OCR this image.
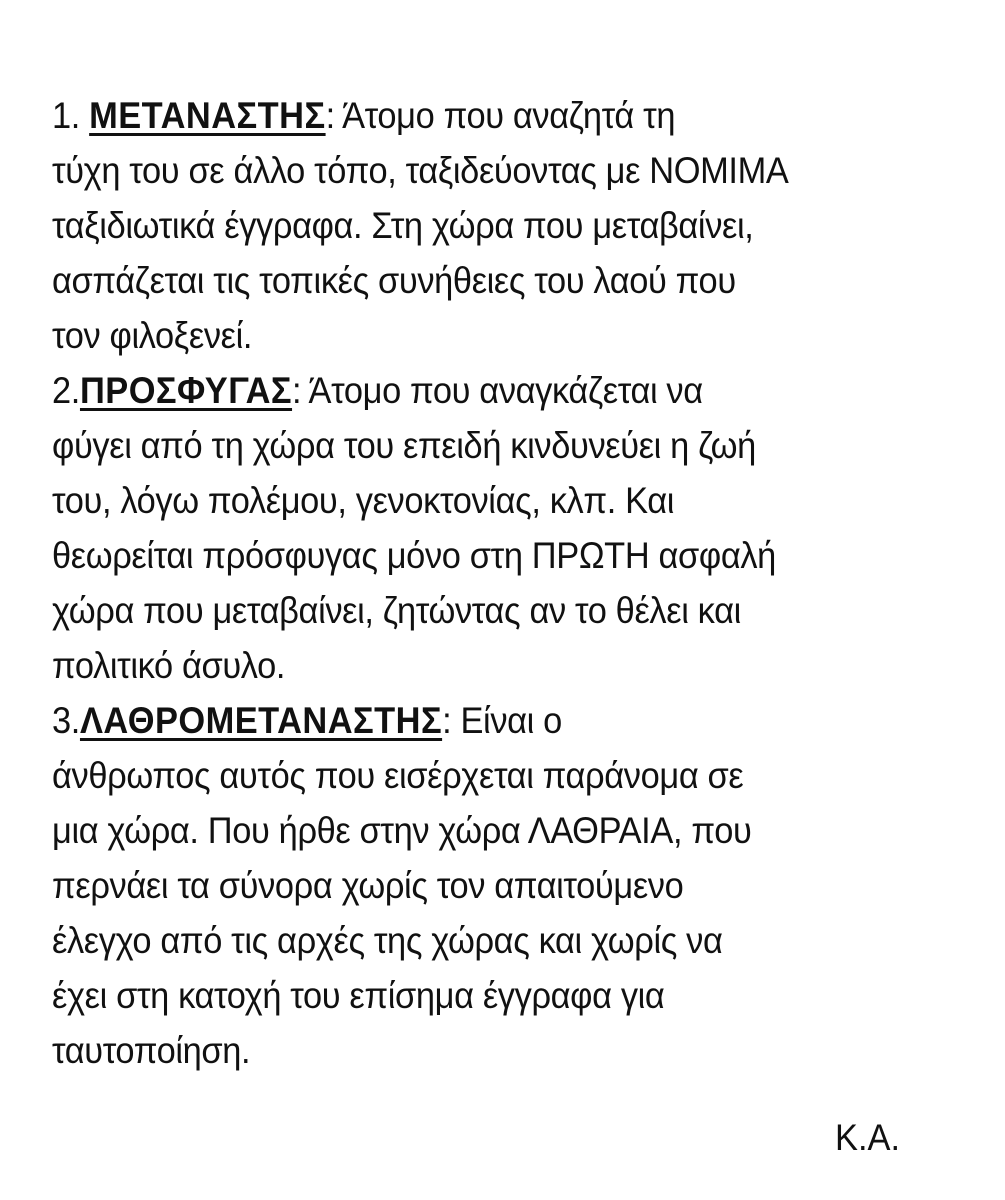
1. ΜΕΤΑΝΑΣΤΗΣ: Άτομο που αναζητά τη
τύχη του σε άλλο τόπο, ταξιδεύοντας με ΝΟΜΙΜΑ
ταξιδιωτικά έγγραφα. Στη χώρα που μεταβαίνει,
ασπάζεται τις τοπικές συνήθειες του λαού που
τον φιλοξενεί.
2.ΠΡΟΣΦΥΓΑΣ: Άτομο που αναγκάζεται να
φύγει από τη χώρα του επειδή κινδυνεύει η ζωή
του, λόγω πολέμου, γενοκτονίας, κλπ. Και
θεωρείται πρόσφυγας μόνο στη ΠΡΩΤΗ ασφαλή
χώρα που μεταβαίνει, ζητώντας αν το θέλει και
πολιτικό άσυλο.
3.ΛΑΘΡΟΜΕΤΑΝΑΣΤΗΣ: Είναι ο
άνθρωπος αυτός που εισέρχεται παράνομα σε
μια χώρα. Που ήρθε στην χώρα ΛΑΘΡΑΙΑ, που
περνάει τα σύνορα χωρίς τον απαιτούμενο
έλεγχο από τις αρχές της χώρας και χωρίς να
έχει στη κατοχή του επίσημα έγγραφα για
ταυτοποίηση.
Κ.Α.
